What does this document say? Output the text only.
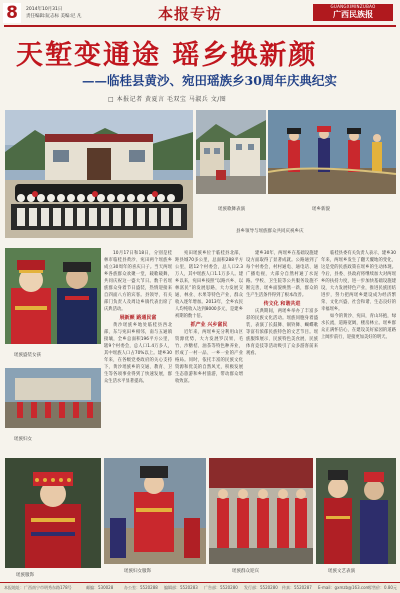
8	2014年10月31日
责任编辑:阮志标 美编:尼 凡	本报专访	GUANGXIMINZUBAO
广西民族报
天堑变通途 瑶乡换新颜
——临桂县黄沙、宛田瑶族乡30周年庆典纪实
□ 本报记者 黄夏言 毛双宝 马淑兵 文/图
瑶族歌舞表演	瑶乡新貌
县乡领导与瑶族群众共同庆祝乡庆
瑶族盛装女孩
瑶族妇女

10月17日和18日，分别是桂林市临桂县黄沙、宛田两个瑶族乡成立30周年的喜庆日子。当天两瑶乡各族群众欢聚一堂，载歌载舞，共同庆祝这一盛大节日。数千名瑶族群众身着节日盛装，热情迎接来自四面八方的宾客。县领导、有关部门负责人及周边乡镇代表出席了庆典活动。

展新颜 路通民富

黄沙瑶族乡地处临桂县西北部，东与宛田乡相邻，南与五通镇接壤，全乡总面积196平方公里，辖9个村委会，总人口1.4万多人，其中瑶族人口占70%以上。建乡30年来，在各级党委政府的关心支持下，黄沙瑶族乡的交通、教育、卫生等各项事业得到了快速发展，群众生活水平显著提高。

宛田瑶族乡位于临桂县北部，距县城70多公里，总面积288平方公里，辖12个村委会，总人口2.3万人，其中瑶族人口1.1万多人。建乡以来，宛田乡按照“以路兴乡、以林富民”的发展思路，大力发展交通、林业、水果等特色产业，群众收入逐年增加。2013年，全乡农民人均纯收入达到8000多元，是建乡初期的数十倍。

抓产业 兴乡富民

近年来，两瑶乡充分利用山区资源优势，大力发展罗汉果、毛竹、沙糖桔、油茶等特色种养业，形成了一村一品、一乡一业的产业格局。同时，依托丰富的民族文化资源和优美的自然风光，积极发展生态旅游和乡村旅游，带动群众增收致富。

建乡30年，两瑶乡在基础设施建设方面取得了显著成就。公路通到了每个村委会，村村通电、通电话、通广播电视，大部分自然村通了水泥路。学校、卫生院等公共服务设施不断完善，瑶乡面貌焕然一新，群众的生产生活条件得到了根本改善。

传文化 和谐共进

庆典期间，两瑶乡举办了丰富多彩的民族文化活动。瑶族同胞身着盛装，表演了长鼓舞、铜铃舞、蝴蝶歌等富有浓郁民族特色的文艺节目。瑶族服饰展示、民族特色美食展、民族体育竞技等活动吸引了众多游客前来观看。

临桂县委有关负责人表示，建乡30年来，两瑶乡发生了翻天覆地的变化，这是党的民族政策在瑶乡的生动体现。今后，县委、县政府将继续加大对两瑶乡的扶持力度，进一步加快基础设施建设，大力发展特色产业，推进民族团结进步，努力把两瑶乡建设成为经济繁荣、文化兴盛、社会和谐、生态良好的幸福瑶乡。

如今的黄沙、宛田，青山环抱，绿水长流，道路宽阔，楼房林立。瑶乡群众正满怀信心，在建设美好家园的道路上阔步前行，迎接更加美好的明天。

瑶族服饰
瑶族妇女服饰	瑶族群众迎宾	瑶族文艺表演
本报地址：广西南宁市明秀东路178号	邮编：530028	办公室：5520288 编辑部：5520283 广告部：5520280 发行部：5520280 传真：5520287 E-mail：gxmzb@163.com
零售价：0.80元
